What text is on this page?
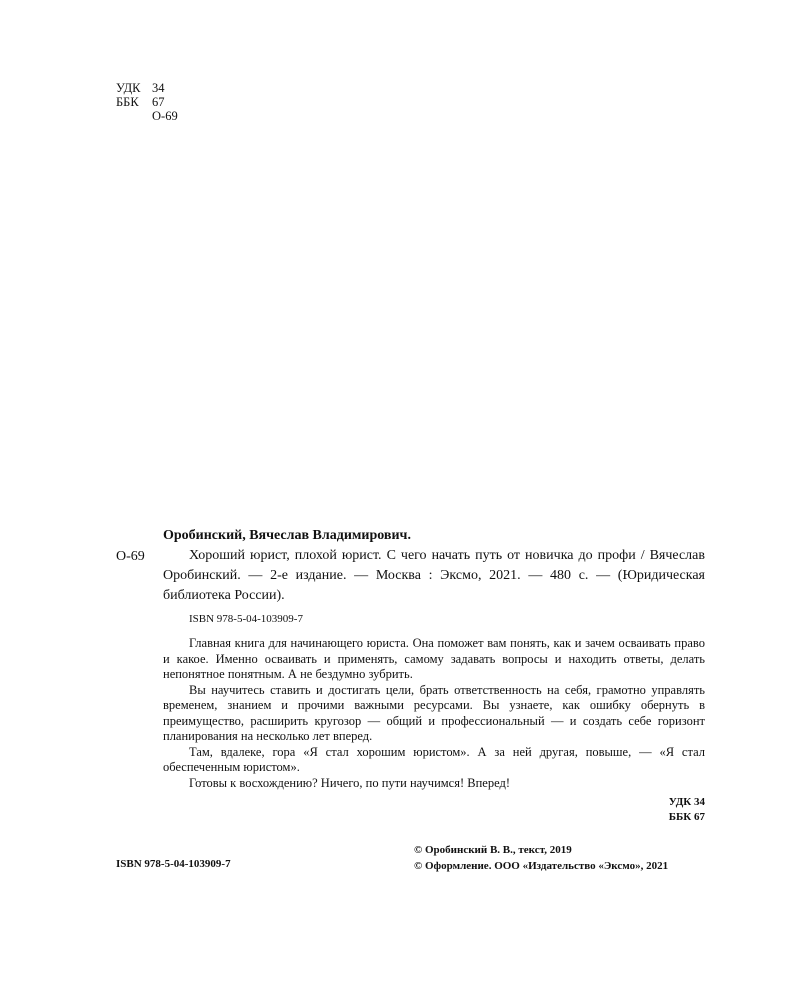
УДК 34
ББК	67
О-69
О-69

Оробинский, Вячеслав Владимирович.

Хороший юрист, плохой юрист. С чего начать путь от новичка до профи / Вячеслав Оробинский. — 2-е издание. — Москва : Эксмо, 2021. — 480 с. — (Юридическая библиотека России).

ISBN 978-5-04-103909-7

Главная книга для начинающего юриста. Она поможет вам понять, как и зачем осваивать право и какое. Именно осваивать и применять, самому задавать вопросы и находить ответы, делать непонятное понятным. А не бездумно зубрить.

Вы научитесь ставить и достигать цели, брать ответственность на себя, грамотно управлять временем, знанием и прочими важными ресурсами. Вы узнаете, как ошибку обернуть в преимущество, расширить кругозор — общий и профессиональный — и создать себе горизонт планирования на несколько лет вперед.

Там, вдалеке, гора «Я стал хорошим юристом». А за ней другая, повыше, — «Я стал обеспеченным юристом».

Готовы к восхождению? Ничего, по пути научимся! Вперед!

УДК 34
ББК 67
ISBN 978-5-04-103909-7
© Оробинский В. В., текст, 2019
© Оформление. ООО «Издательство «Эксмо», 2021
